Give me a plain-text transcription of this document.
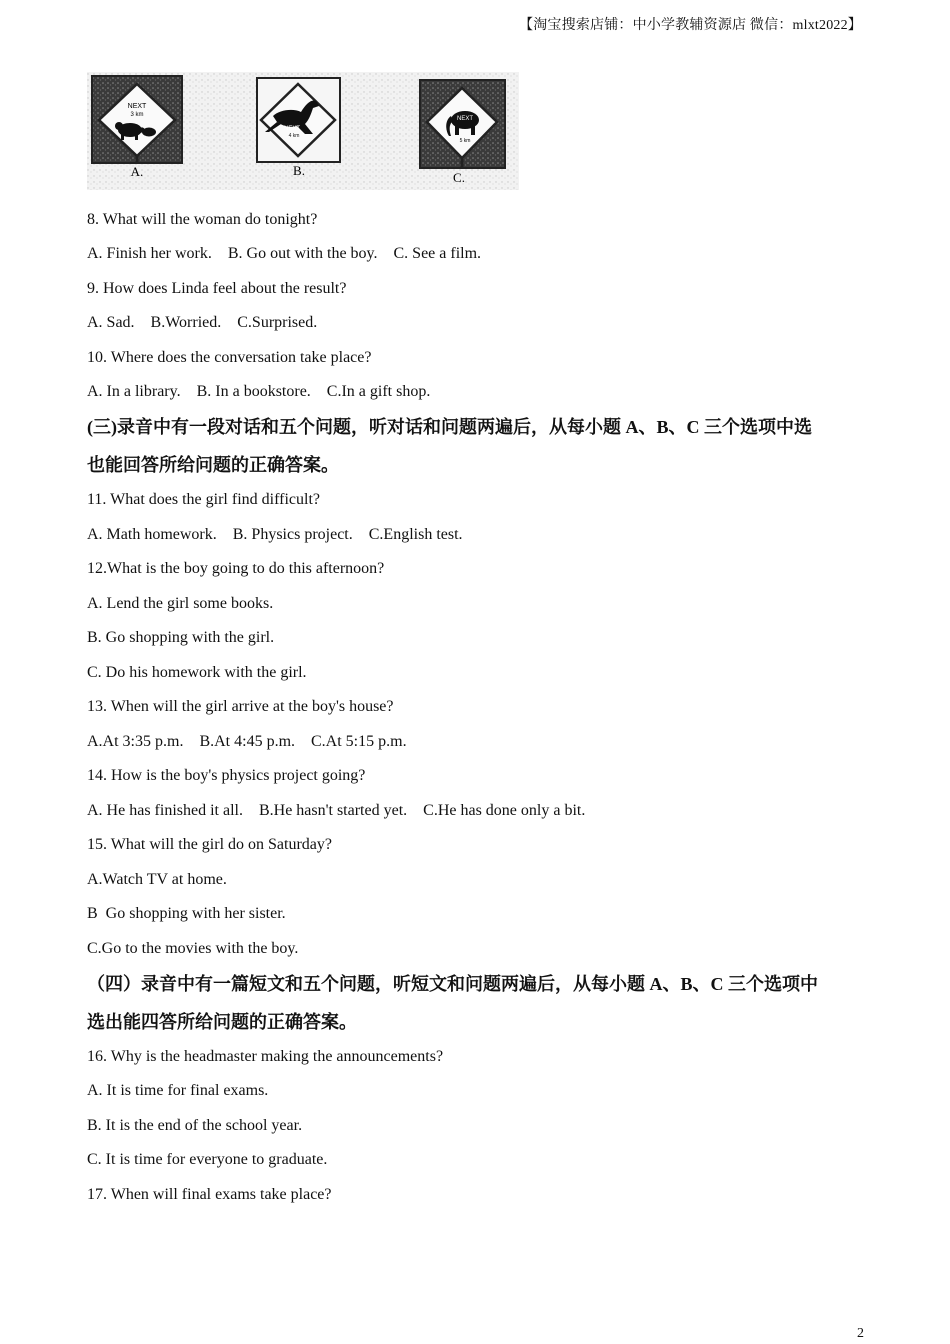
【淘宝搜索店铺：中小学教辅资源店 微信：mlxt2022】
NEXT
3 km
A.
NEXT
4 km
B.
NEXT
5 km
C.
8. What will the woman do tonight?
A. Finish her work.    B. Go out with the boy.    C. See a film.
9. How does Linda feel about the result?
A. Sad.    B.Worried.    C.Surprised.
10. Where does the conversation take place?
A. In a library.    B. In a bookstore.    C.In a gift shop.
(三)录音中有一段对话和五个问题，听对话和问题两遍后，从每小题 A、B、C 三个选项中选
也能回答所给问题的正确答案。
11. What does the girl find difficult?
A. Math homework.    B. Physics project.    C.English test.
12.What is the boy going to do this afternoon?
A. Lend the girl some books.
B. Go shopping with the girl.
C. Do his homework with the girl.
13. When will the girl arrive at the boy's house?
A.At 3:35 p.m.    B.At 4:45 p.m.    C.At 5:15 p.m.
14. How is the boy's physics project going?
A. He has finished it all.    B.He hasn't started yet.    C.He has done only a bit.
15. What will the girl do on Saturday?
A.Watch TV at home.
B  Go shopping with her sister.
C.Go to the movies with the boy.
（四）录音中有一篇短文和五个问题，听短文和问题两遍后，从每小题 A、B、C 三个选项中
选出能四答所给问题的正确答案。
16. Why is the headmaster making the announcements?
A. It is time for final exams.
B. It is the end of the school year.
C. It is time for everyone to graduate.
17. When will final exams take place?
2
